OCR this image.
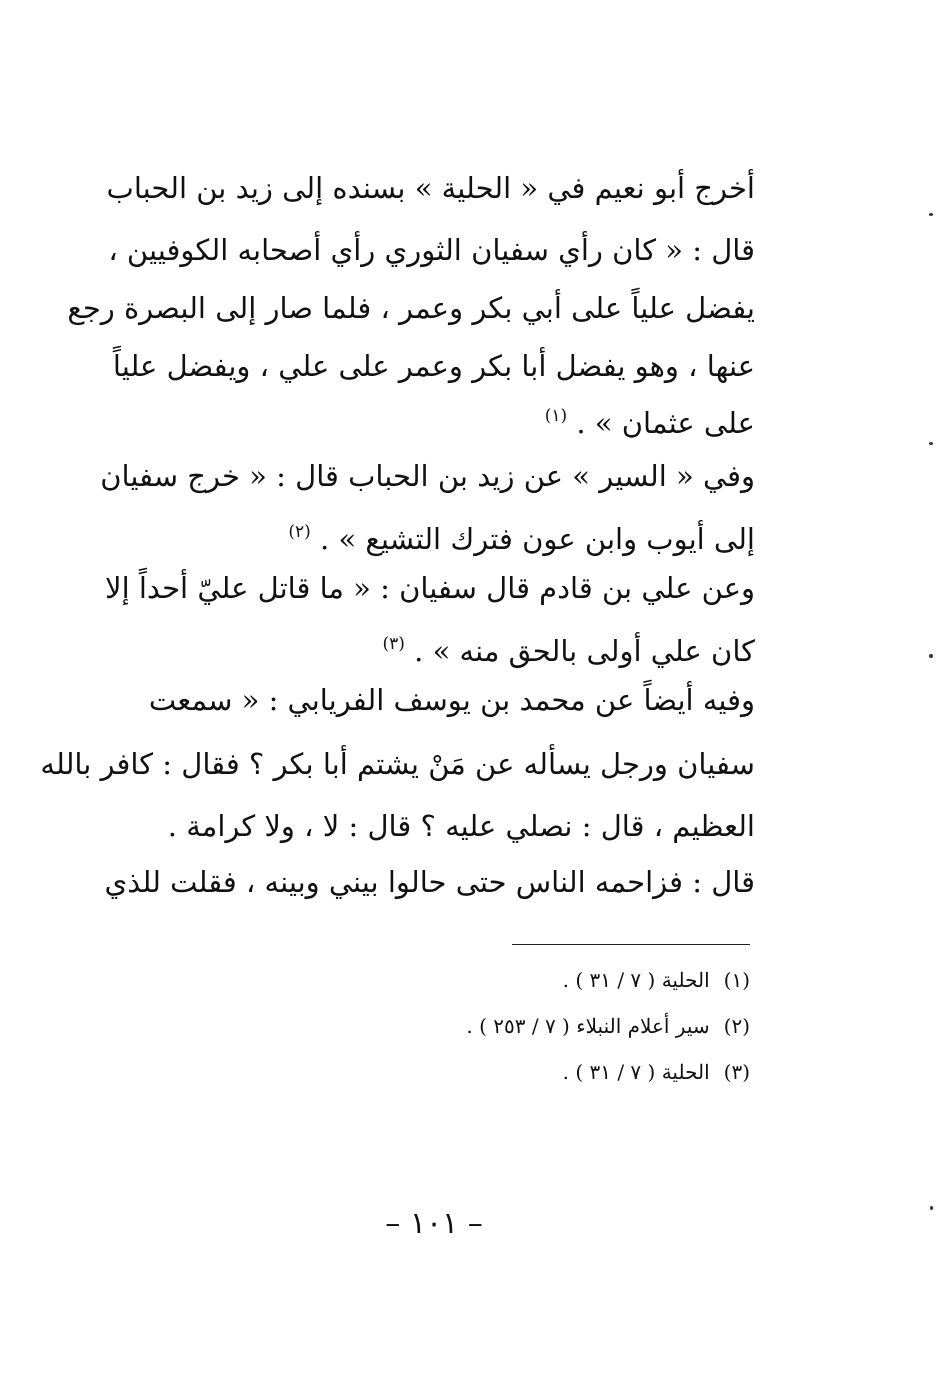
أخرج أبو نعيم في « الحلية » بسنده إلى زيد بن الحباب
قال : « كان رأي سفيان الثوري رأي أصحابه الكوفيين ،
يفضل علياً على أبي بكر وعمر ، فلما صار إلى البصرة رجع
عنها ، وهو يفضل أبا بكر وعمر على علي ، ويفضل علياً
على عثمان » . $^{(١)}$
وفي « السير » عن زيد بن الحباب قال : « خرج سفيان
إلى أيوب وابن عون فترك التشيع » . $^{(٢)}$
وعن علي بن قادم قال سفيان : « ما قاتل عليّ أحداً إلا
كان علي أولى بالحق منه » . $^{(٣)}$
وفيه أيضاً عن محمد بن يوسف الفريابي : « سمعت
سفيان ورجل يسأله عن مَنْ يشتم أبا بكر ؟ فقال : كافر بالله
العظيم ، قال : نصلي عليه ؟ قال : لا ، ولا كرامة .
قال : فزاحمه الناس حتى حالوا بيني وبينه ، فقلت للذي
(١) الحلية ( ٧ / ٣١ ) .
(٢) سير أعلام النبلاء ( ٧ / ٢٥٣ ) .
(٣) الحلية ( ٧ / ٣١ ) .
– ١٠١ –
